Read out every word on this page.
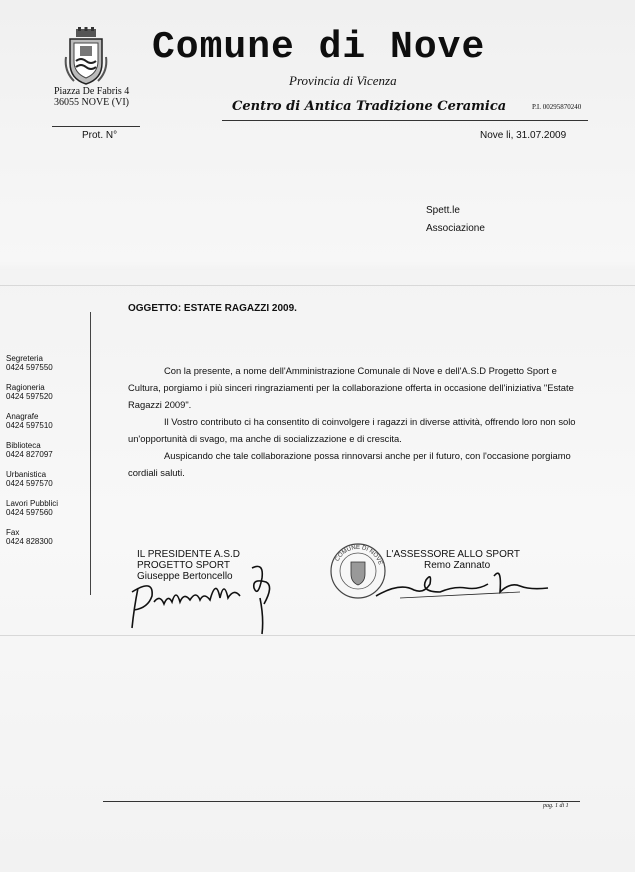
Comune di Nove
Provincia di Vicenza
Piazza De Fabris 4
36055 NOVE (VI)	Centro di Antica Tradizione Ceramica	P.I. 00295870240
Prot. N°	Nove li, 31.07.2009
Spett.le
Associazione
OGGETTO: ESTATE RAGAZZI 2009.

Con la presente, a nome dell'Amministrazione Comunale di Nove e dell'A.S.D Progetto Sport e Cultura, porgiamo i più sinceri ringraziamenti per la collaborazione offerta in occasione dell'iniziativa "Estate Ragazzi 2009".

Il Vostro contributo ci ha consentito di coinvolgere i ragazzi in diverse attività, offrendo loro non solo un'opportunità di svago, ma anche di socializzazione e di crescita.

Auspicando che tale collaborazione possa rinnovarsi anche per il futuro, con l'occasione porgiamo cordiali saluti.

Segreteria
0424 597550
Ragioneria
0424 597520
Anagrafe
0424 597510
Biblioteca
0424 827097
Urbanistica
0424 597570
Lavori Pubblici
0424 597560
Fax
0424 828300
IL PRESIDENTE A.S.D
PROGETTO SPORT
Giuseppe Bertoncello
COMUNE DI NOVE
L'ASSESSORE ALLO SPORT
Remo Zannato
pag. 1 di 1
